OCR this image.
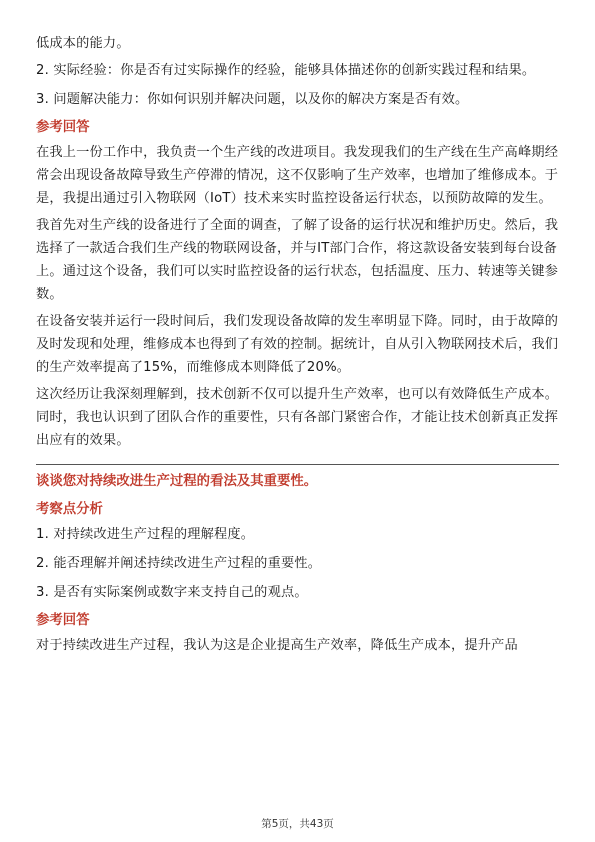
低成本的能力。

2. 实际经验：你是否有过实际操作的经验，能够具体描述你的创新实践过程和结果。

3. 问题解决能力：你如何识别并解决问题，以及你的解决方案是否有效。

参考回答

在我上一份工作中，我负责一个生产线的改进项目。我发现我们的生产线在生产高峰期经常会出现设备故障导致生产停滞的情况，这不仅影响了生产效率，也增加了维修成本。于是，我提出通过引入物联网（IoT）技术来实时监控设备运行状态，以预防故障的发生。

我首先对生产线的设备进行了全面的调查，了解了设备的运行状况和维护历史。然后，我选择了一款适合我们生产线的物联网设备，并与IT部门合作，将这款设备安装到每台设备上。通过这个设备，我们可以实时监控设备的运行状态，包括温度、压力、转速等关键参数。

在设备安装并运行一段时间后，我们发现设备故障的发生率明显下降。同时，由于故障的及时发现和处理，维修成本也得到了有效的控制。据统计，自从引入物联网技术后，我们的生产效率提高了15%，而维修成本则降低了20%。

这次经历让我深刻理解到，技术创新不仅可以提升生产效率，也可以有效降低生产成本。同时，我也认识到了团队合作的重要性，只有各部门紧密合作，才能让技术创新真正发挥出应有的效果。

谈谈您对持续改进生产过程的看法及其重要性。

考察点分析

1. 对持续改进生产过程的理解程度。

2. 能否理解并阐述持续改进生产过程的重要性。

3. 是否有实际案例或数字来支持自己的观点。

参考回答

对于持续改进生产过程，我认为这是企业提高生产效率，降低生产成本，提升产品

第5页，共43页
